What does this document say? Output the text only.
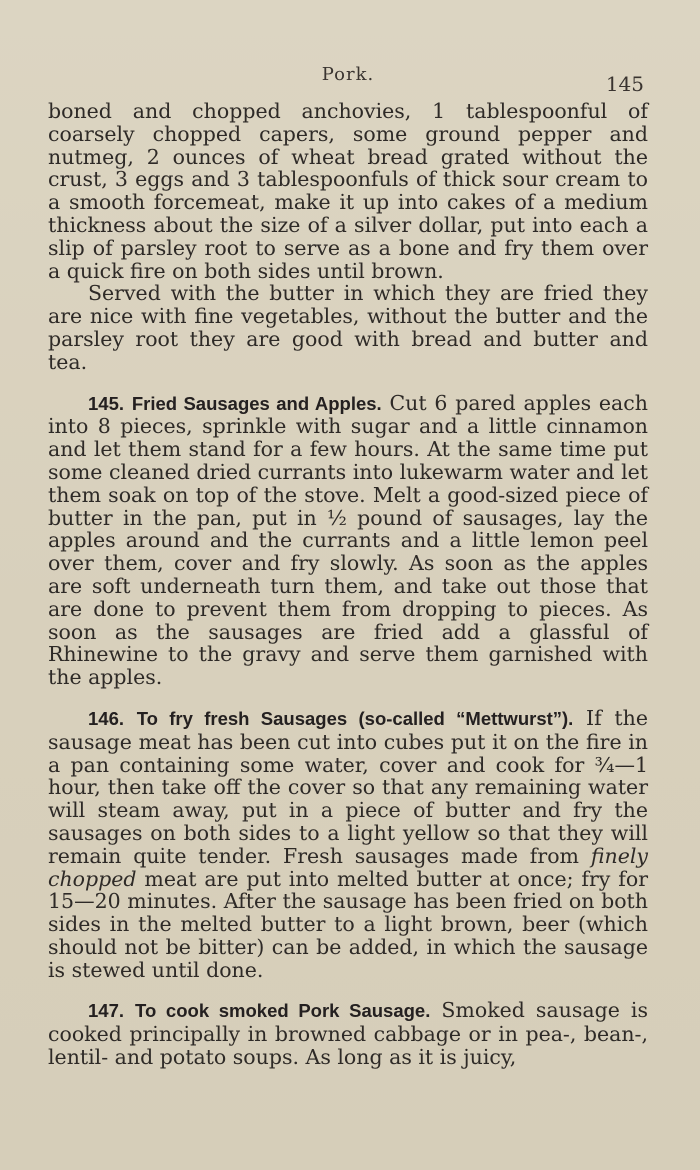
Pork.	145

boned and chopped anchovies, 1 tablespoonful of coarsely chopped capers, some ground pepper and nutmeg, 2 ounces of wheat bread grated without the crust, 3 eggs and 3 tablespoonfuls of thick sour cream to a smooth forcemeat, make it up into cakes of a medium thickness about the size of a silver dollar, put into each a slip of parsley root to serve as a bone and fry them over a quick fire on both sides until brown.

Served with the butter in which they are fried they are nice with fine vegetables, without the butter and the parsley root they are good with bread and butter and tea.

145. Fried Sausages and Apples. Cut 6 pared apples each into 8 pieces, sprinkle with sugar and a little cinnamon and let them stand for a few hours. At the same time put some cleaned dried currants into lukewarm water and let them soak on top of the stove. Melt a good-sized piece of butter in the pan, put in ½ pound of sausages, lay the apples around and the currants and a little lemon peel over them, cover and fry slowly. As soon as the apples are soft underneath turn them, and take out those that are done to prevent them from dropping to pieces. As soon as the sausages are fried add a glassful of Rhinewine to the gravy and serve them garnished with the apples.

146. To fry fresh Sausages (so-called “Mettwurst”). If the sausage meat has been cut into cubes put it on the fire in a pan containing some water, cover and cook for ¾—1 hour, then take off the cover so that any remaining water will steam away, put in a piece of butter and fry the sausages on both sides to a light yellow so that they will remain quite tender. Fresh sausages made from finely chopped meat are put into melted butter at once; fry for 15—20 minutes. After the sausage has been fried on both sides in the melted butter to a light brown, beer (which should not be bitter) can be added, in which the sausage is stewed until done.

147. To cook smoked Pork Sausage. Smoked sausage is cooked principally in browned cabbage or in pea-, bean-, lentil- and potato soups. As long as it is juicy,
